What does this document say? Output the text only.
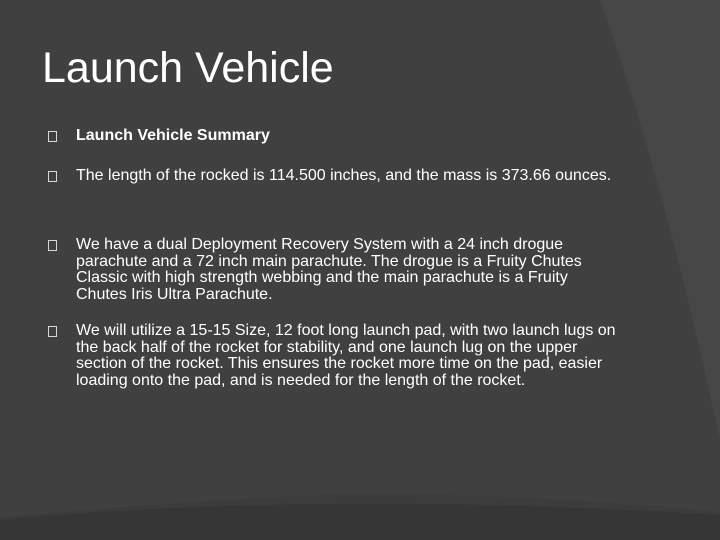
Launch Vehicle
Launch Vehicle Summary
The length of the rocked is 114.500 inches, and the mass is 373.66 ounces.
We have a dual Deployment Recovery System with a 24 inch drogue parachute and a 72 inch main parachute. The drogue is a Fruity Chutes Classic with high strength webbing and the main parachute is a Fruity Chutes Iris Ultra Parachute.
We will utilize a 15-15 Size, 12 foot long launch pad, with two launch lugs on the back half of the rocket for stability, and one launch lug on the upper section of the rocket. This ensures the rocket more time on the pad, easier loading onto the pad, and is needed for the length of the rocket.
